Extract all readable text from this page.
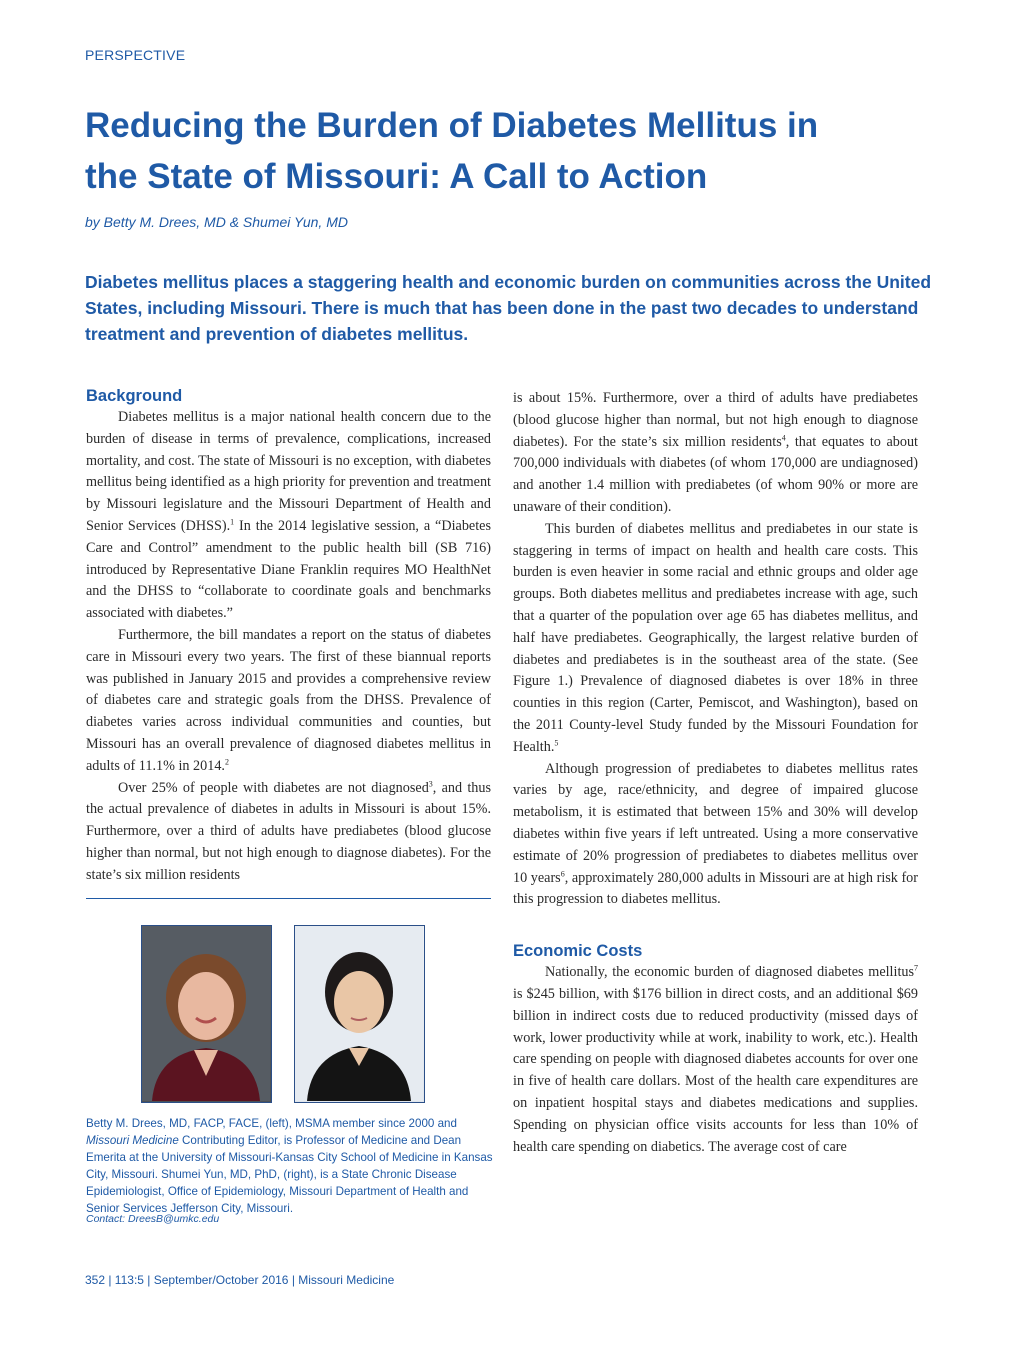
PERSPECTIVE
Reducing the Burden of Diabetes Mellitus in
the State of Missouri: A Call to Action
by Betty M. Drees, MD & Shumei Yun, MD

Diabetes mellitus places a staggering health and economic burden on communities across the United States, including Missouri. There is much that has been done in the past two decades to understand treatment and prevention of diabetes mellitus.

Background

Diabetes mellitus is a major national health concern due to the burden of disease in terms of prevalence, complications, increased mortality, and cost. The state of Missouri is no exception, with diabetes mellitus being identified as a high priority for prevention and treatment by Missouri legislature and the Missouri Department of Health and Senior Services (DHSS).$^1$ In the 2014 legislative session, a “Diabetes Care and Control” amendment to the public health bill (SB 716) introduced by Representative Diane Franklin requires MO HealthNet and the DHSS to “collaborate to coordinate goals and benchmarks associated with diabetes.”

Furthermore, the bill mandates a report on the status of diabetes care in Missouri every two years. The first of these biannual reports was published in January 2015 and provides a comprehensive review of diabetes care and strategic goals from the DHSS. Prevalence of diabetes varies across individual communities and counties, but Missouri has an overall prevalence of diagnosed diabetes mellitus in adults of 11.1% in 2014.$^2$

Over 25% of people with diabetes are not diagnosed$^3$, and thus the actual prevalence of diabetes in adults in Missouri is about 15%. Furthermore, over a third of adults have prediabetes (blood glucose higher than normal, but not high enough to diagnose diabetes). For the state’s six million residents

is about 15%. Furthermore, over a third of adults have prediabetes (blood glucose higher than normal, but not high enough to diagnose diabetes). For the state’s six million residents$^4$, that equates to about 700,000 individuals with diabetes (of whom 170,000 are undiagnosed) and another 1.4 million with prediabetes (of whom 90% or more are unaware of their condition).

This burden of diabetes mellitus and prediabetes in our state is staggering in terms of impact on health and health care costs. This burden is even heavier in some racial and ethnic groups and older age groups. Both diabetes mellitus and prediabetes increase with age, such that a quarter of the population over age 65 has diabetes mellitus, and half have prediabetes. Geographically, the largest relative burden of diabetes and prediabetes is in the southeast area of the state. (See Figure 1.) Prevalence of diagnosed diabetes is over 18% in three counties in this region (Carter, Pemiscot, and Washington), based on the 2011 County-level Study funded by the Missouri Foundation for Health.$^5$

Although progression of prediabetes to diabetes mellitus rates varies by age, race/ethnicity, and degree of impaired glucose metabolism, it is estimated that between 15% and 30% will develop diabetes within five years if left untreated. Using a more conservative estimate of 20% progression of prediabetes to diabetes mellitus over 10 years$^6$, approximately 280,000 adults in Missouri are at high risk for this progression to diabetes mellitus.

Economic Costs

Nationally, the economic burden of diagnosed diabetes mellitus$^7$ is $245 billion, with $176 billion in direct costs, and an additional $69 billion in indirect costs due to reduced productivity (missed days of work, lower productivity while at work, inability to work, etc.). Health care spending on people with diagnosed diabetes accounts for over one in five of health care dollars. Most of the health care expenditures are on inpatient hospital stays and diabetes medications and supplies. Spending on physician office visits accounts for less than 10% of health care spending on diabetics. The average cost of care

Betty M. Drees, MD, FACP, FACE, (left), MSMA member since 2000 and Missouri Medicine Contributing Editor, is Professor of Medicine and Dean Emerita at the University of Missouri-Kansas City School of Medicine in Kansas City, Missouri. Shumei Yun, MD, PhD, (right), is a State Chronic Disease Epidemiologist, Office of Epidemiology, Missouri Department of Health and Senior Services Jefferson City, Missouri.

Contact: DreesB@umkc.edu
352 | 113:5 | September/October 2016 | Missouri Medicine
